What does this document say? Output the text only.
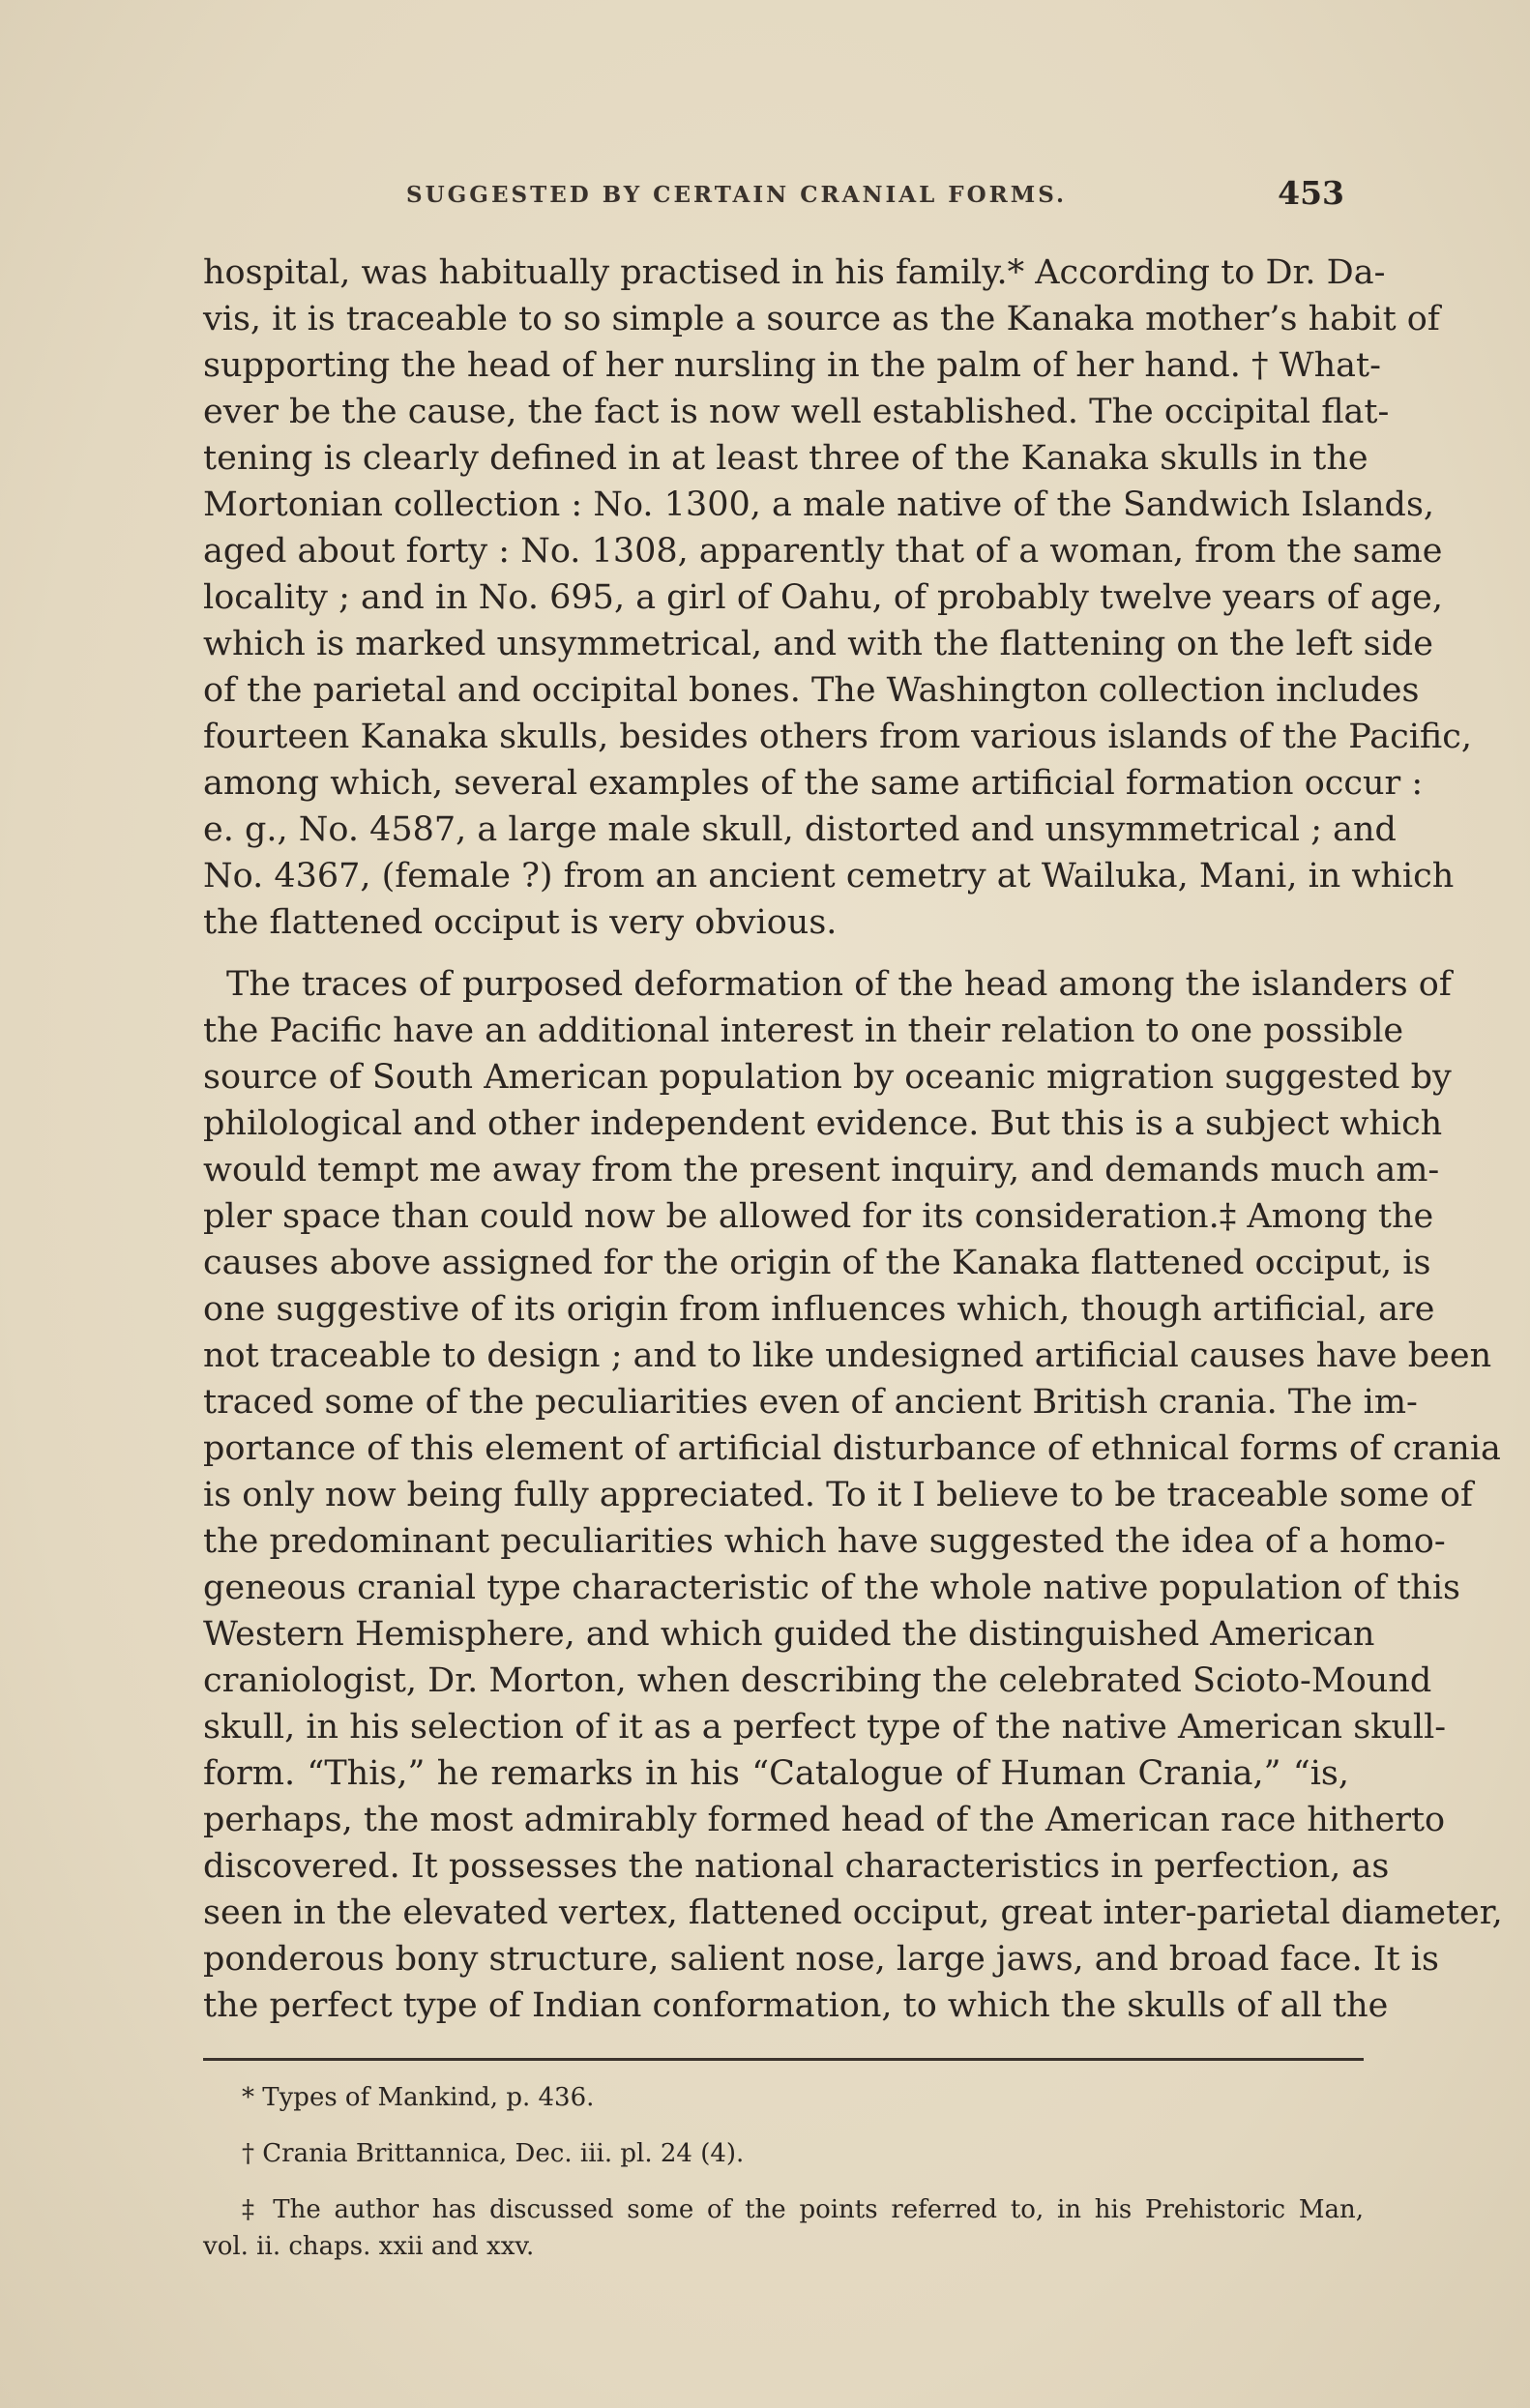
SUGGESTED BY CERTAIN CRANIAL FORMS.	453

hospital, was habitually practised in his family.* According to Dr. Da-
vis, it is traceable to so simple a source as the Kanaka mother’s habit of
supporting the head of her nursling in the palm of her hand. † What-
ever be the cause, the fact is now well established. The occipital flat-
tening is clearly defined in at least three of the Kanaka skulls in the
Mortonian collection : No. 1300, a male native of the Sandwich Islands,
aged about forty : No. 1308, apparently that of a woman, from the same
locality ; and in No. 695, a girl of Oahu, of probably twelve years of age,
which is marked unsymmetrical, and with the flattening on the left side
of the parietal and occipital bones. The Washington collection includes
fourteen Kanaka skulls, besides others from various islands of the Pacific,
among which, several examples of the same artificial formation occur :
e. g., No. 4587, a large male skull, distorted and unsymmetrical ; and
No. 4367, (female ?) from an ancient cemetry at Wailuka, Mani, in which
the flattened occiput is very obvious.

The traces of purposed deformation of the head among the islanders of
the Pacific have an additional interest in their relation to one possible
source of South American population by oceanic migration suggested by
philological and other independent evidence. But this is a subject which
would tempt me away from the present inquiry, and demands much am-
pler space than could now be allowed for its consideration.‡ Among the
causes above assigned for the origin of the Kanaka flattened occiput, is
one suggestive of its origin from influences which, though artificial, are
not traceable to design ; and to like undesigned artificial causes have been
traced some of the peculiarities even of ancient British crania. The im-
portance of this element of artificial disturbance of ethnical forms of crania
is only now being fully appreciated. To it I believe to be traceable some of
the predominant peculiarities which have suggested the idea of a homo-
geneous cranial type characteristic of the whole native population of this
Western Hemisphere, and which guided the distinguished American
craniologist, Dr. Morton, when describing the celebrated Scioto-Mound
skull, in his selection of it as a perfect type of the native American skull-
form. “This,” he remarks in his “Catalogue of Human Crania,” “is,
perhaps, the most admirably formed head of the American race hitherto
discovered. It possesses the national characteristics in perfection, as
seen in the elevated vertex, flattened occiput, great inter-parietal diameter,
ponderous bony structure, salient nose, large jaws, and broad face. It is
the perfect type of Indian conformation, to which the skulls of all the

* Types of Mankind, p. 436.

† Crania Brittannica, Dec. iii. pl. 24 (4).

‡ The author has discussed some of the points referred to, in his Prehistoric Man,
vol. ii. chaps. xxii and xxv.
